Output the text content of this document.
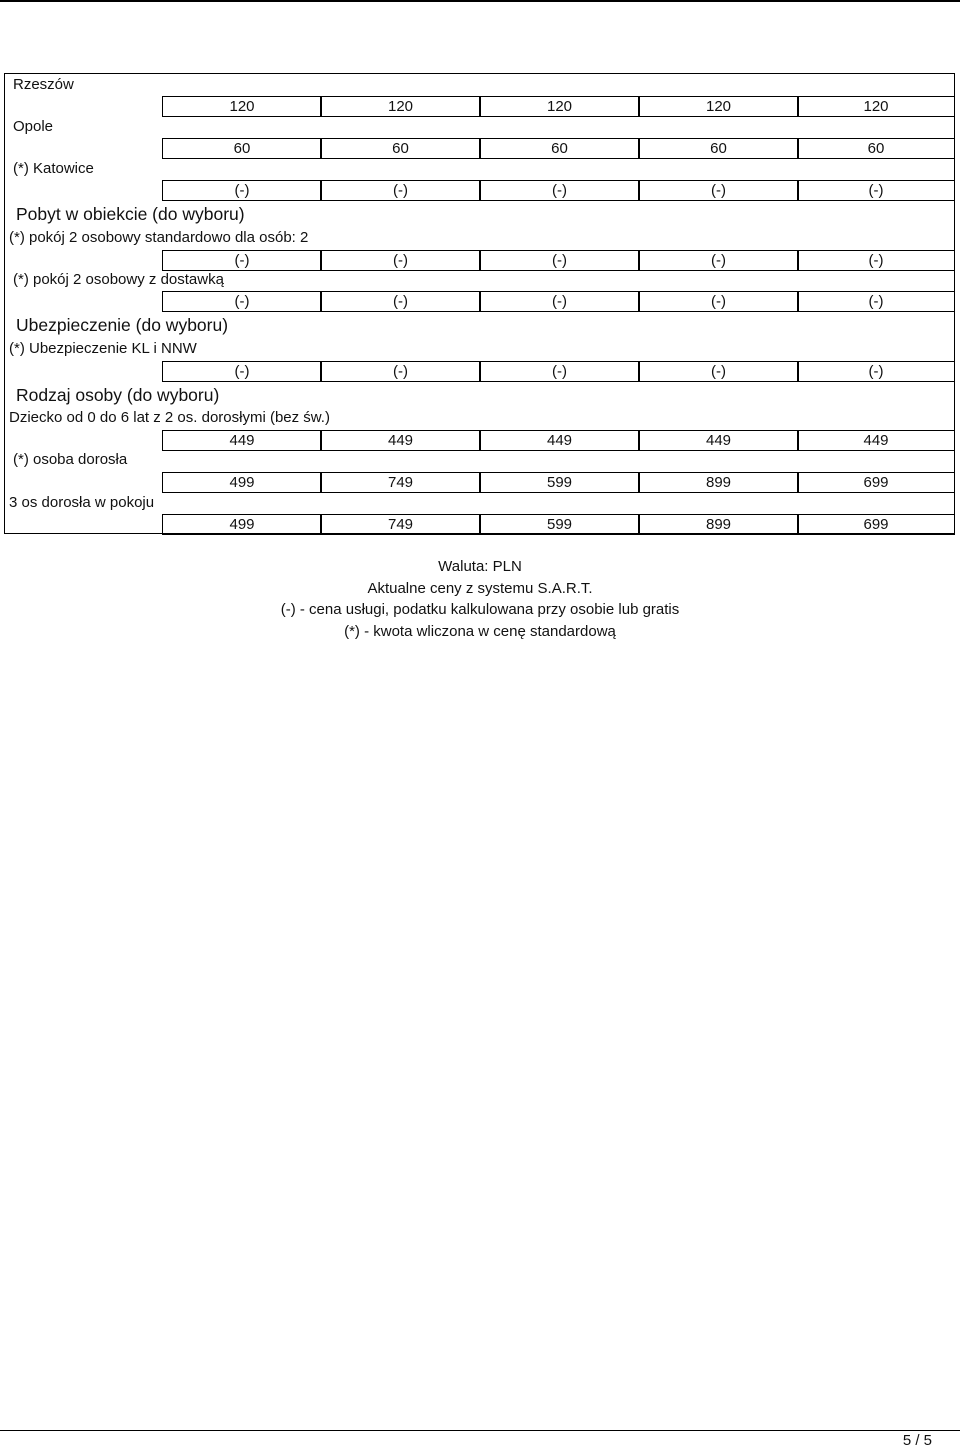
Rzeszów
120	120	120	120	120
Opole
60	60	60	60	60
(*) Katowice
(-)	(-)	(-)	(-)	(-)
Pobyt w obiekcie (do wyboru)
(*) pokój 2 osobowy standardowo dla osób: 2
(-)	(-)	(-)	(-)	(-)
(*) pokój 2 osobowy z dostawką
(-)	(-)	(-)	(-)	(-)
Ubezpieczenie (do wyboru)
(*) Ubezpieczenie KL i NNW
(-)	(-)	(-)	(-)	(-)
Rodzaj osoby (do wyboru)
Dziecko od 0 do 6 lat z 2 os. dorosłymi (bez św.)
449	449	449	449	449
(*) osoba dorosła
499	749	599	899	699
3 os dorosła w pokoju
499	749	599	899	699
Waluta: PLN
Aktualne ceny z systemu S.A.R.T.
(-) - cena usługi, podatku kalkulowana przy osobie lub gratis
(*) - kwota wliczona w cenę standardową
5 / 5
